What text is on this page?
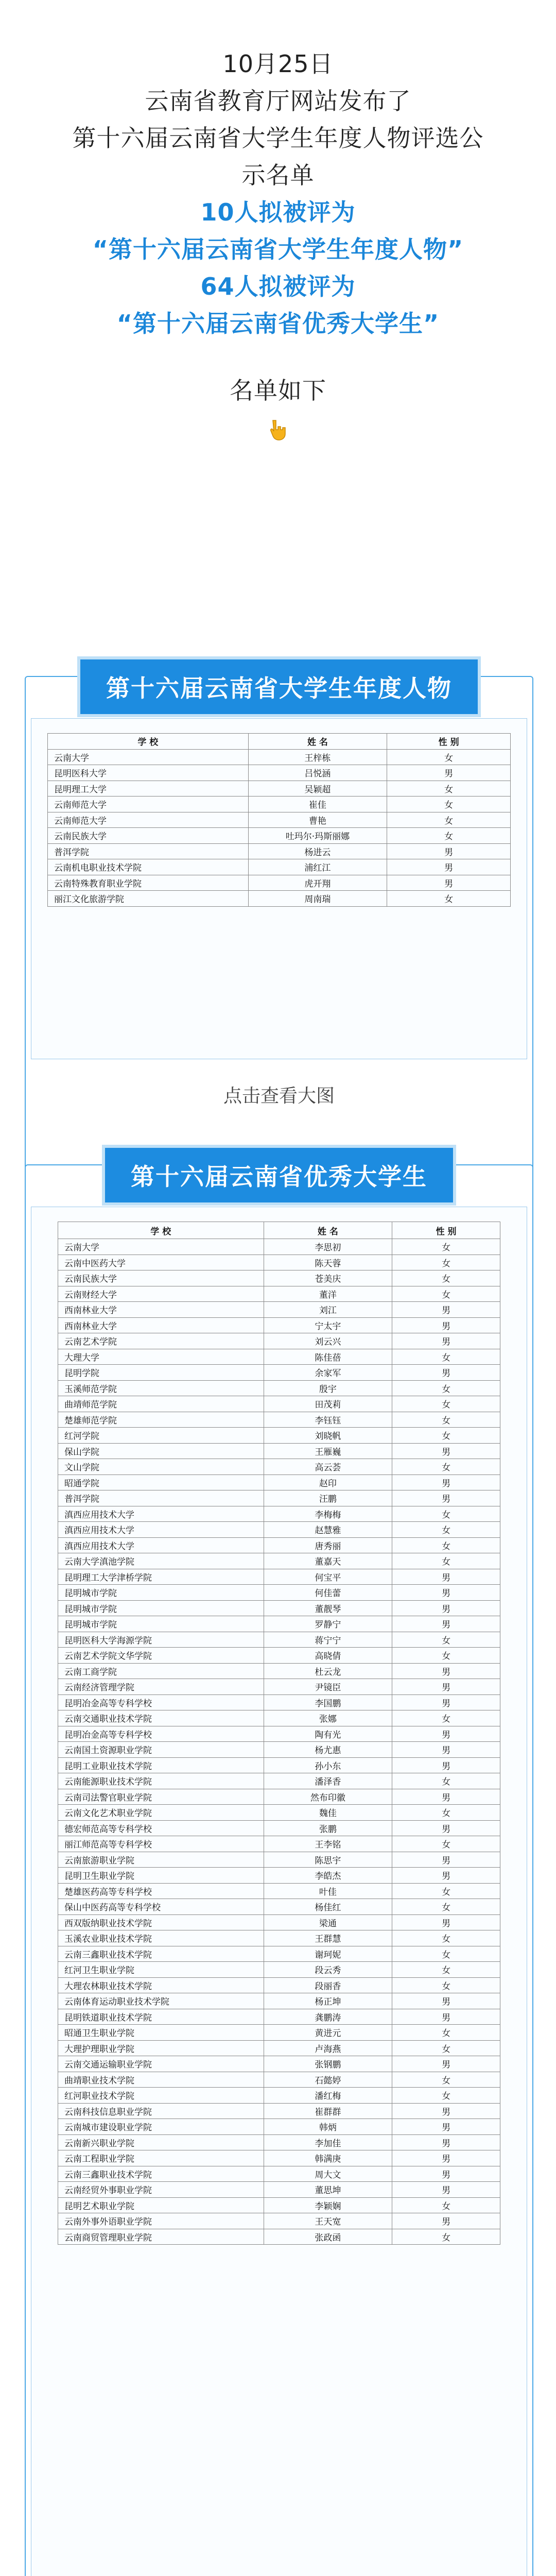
10月25日

云南省教育厅网站发布了

第十六届云南省大学生年度人物评选公

示名单

10人拟被评为

“第十六届云南省大学生年度人物”

64人拟被评为

“第十六届云南省优秀大学生”

名单如下

第十六届云南省大学生年度人物
学 校	姓 名	性 别
云南大学	王梓栋	女
昆明医科大学	吕悦涵	男
昆明理工大学	吴颖超	女
云南师范大学	崔佳	女
云南师范大学	曹艳	女
云南民族大学	吐玛尔·玛斯丽娜	女
普洱学院	杨进云	男
云南机电职业技术学院	浦红江	男
云南特殊教育职业学院	虎开翔	男
丽江文化旅游学院	周南瑞	女
点击查看大图
第十六届云南省优秀大学生
学 校	姓 名	性 别
云南大学	李思初	女
云南中医药大学	陈天蓉	女
云南民族大学	苍美庆	女
云南财经大学	董洋	女
西南林业大学	刘江	男
西南林业大学	宁太宇	男
云南艺术学院	刘云兴	男
大理大学	陈佳蓓	女
昆明学院	余家军	男
玉溪师范学院	殷宇	女
曲靖师范学院	田茂莉	女
楚雄师范学院	李钰钰	女
红河学院	刘晓帆	女
保山学院	王雁巍	男
文山学院	高云荟	女
昭通学院	赵印	男
普洱学院	汪鹏	男
滇西应用技术大学	李梅梅	女
滇西应用技术大学	赵慧雅	女
滇西应用技术大学	唐秀丽	女
云南大学滇池学院	董嘉天	女
昆明理工大学津桥学院	何宝平	男
昆明城市学院	何佳蕾	男
昆明城市学院	董靓琴	男
昆明城市学院	罗静宁	男
昆明医科大学海源学院	蒋宁宁	女
云南艺术学院文华学院	高晓倩	女
云南工商学院	杜云龙	男
云南经济管理学院	尹镜臣	男
昆明冶金高等专科学校	李国鹏	男
云南交通职业技术学院	张娜	女
昆明冶金高等专科学校	陶有光	男
云南国土资源职业学院	杨尤惠	男
昆明工业职业技术学院	孙小东	男
云南能源职业技术学院	潘泽香	女
云南司法警官职业学院	然布印徽	男
云南文化艺术职业学院	魏佳	女
德宏师范高等专科学校	张鹏	男
丽江师范高等专科学校	王李铭	女
云南旅游职业学院	陈思宇	男
昆明卫生职业学院	李皓杰	男
楚雄医药高等专科学校	叶佳	女
保山中医药高等专科学校	杨佳红	女
西双版纳职业技术学院	梁通	男
玉溪农业职业技术学院	王群慧	女
云南三鑫职业技术学院	谢珂妮	女
红河卫生职业学院	段云秀	女
大理农林职业技术学院	段丽香	女
云南体育运动职业技术学院	杨正坤	男
昆明铁道职业技术学院	龚鹏涛	男
昭通卫生职业学院	黄进元	女
大理护理职业学院	卢海燕	女
云南交通运输职业学院	张钢鹏	男
曲靖职业技术学院	石懿婷	女
红河职业技术学院	潘红梅	女
云南科技信息职业学院	崔群群	男
云南城市建设职业学院	韩炳	男
云南新兴职业学院	李加佳	男
云南工程职业学院	韩满庚	男
云南三鑫职业技术学院	周大文	男
云南经贸外事职业学院	董思坤	男
昆明艺术职业学院	李颖娴	女
云南外事外语职业学院	王天宽	男
云南商贸管理职业学院	张政函	女
